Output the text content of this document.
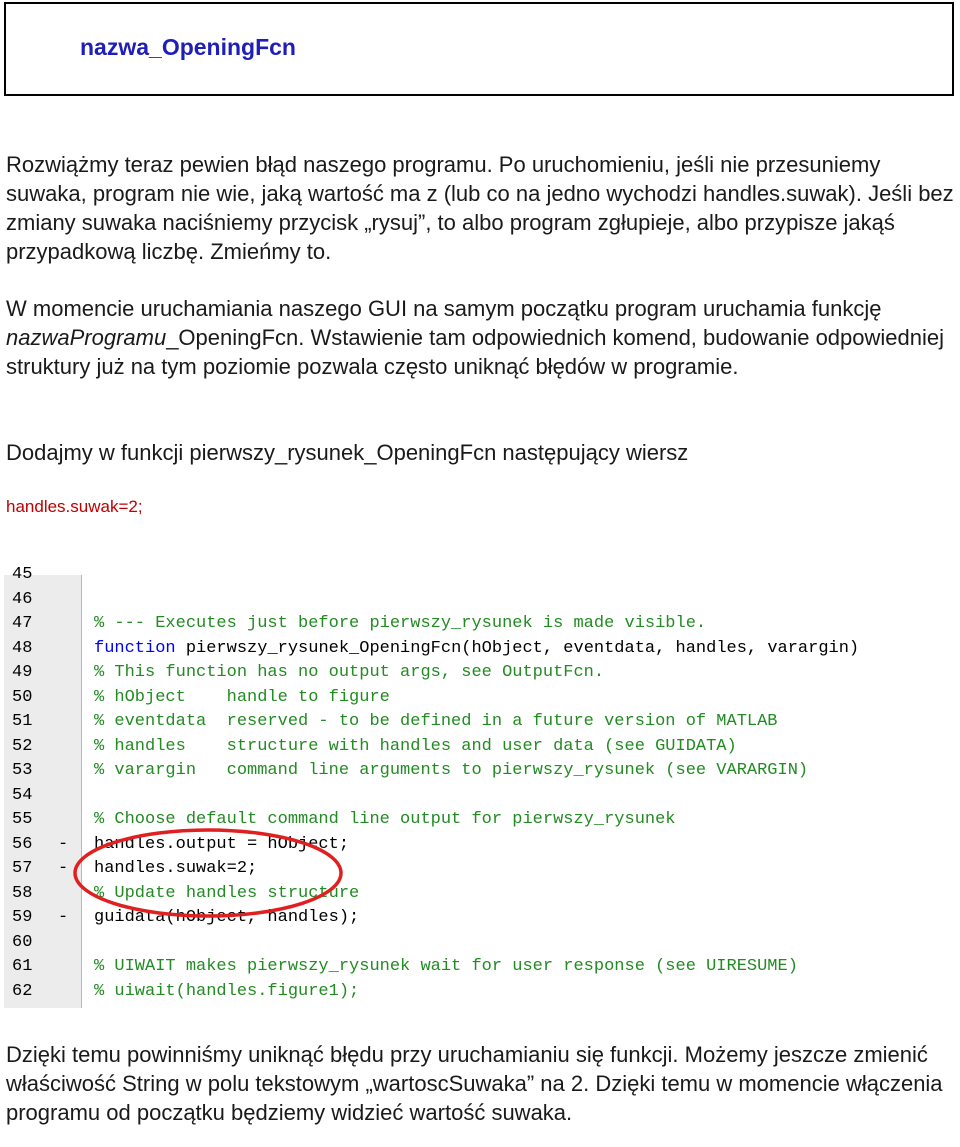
nazwa_OpeningFcn

Rozwiążmy teraz pewien błąd naszego programu. Po uruchomieniu, jeśli nie przesuniemy suwaka, program nie wie, jaką wartość ma z (lub co na jedno wychodzi handles.suwak). Jeśli bez zmiany suwaka naciśniemy przycisk „rysuj”, to albo program zgłupieje, albo przypisze jakąś przypadkową liczbę. Zmieńmy to.

W momencie uruchamiania naszego GUI na samym początku program uruchamia funkcję nazwaProgramu_OpeningFcn. Wstawienie tam odpowiednich komend, budowanie odpowiedniej struktury już na tym poziomie pozwala często uniknąć błędów w programie.

Dodajmy w funkcji pierwszy_rysunek_OpeningFcn następujący wiersz

handles.suwak=2;
45
46
47	% --- Executes just before pierwszy_rysunek is made visible.
48	function pierwszy_rysunek_OpeningFcn(hObject, eventdata, handles, varargin)
49	% This function has no output args, see OutputFcn.
50	% hObject    handle to figure
51	% eventdata  reserved - to be defined in a future version of MATLAB
52	% handles    structure with handles and user data (see GUIDATA)
53	% varargin   command line arguments to pierwszy_rysunek (see VARARGIN)
54
55	% Choose default command line output for pierwszy_rysunek
56	- handles.output = hObject;
57	- handles.suwak=2;
58	% Update handles structure
59	- guidata(hObject, handles);
60
61	% UIWAIT makes pierwszy_rysunek wait for user response (see UIRESUME)
62	% uiwait(handles.figure1);

Dzięki temu powinniśmy uniknąć błędu przy uruchamianiu się funkcji. Możemy jeszcze zmienić właściwość String w polu tekstowym „wartoscSuwaka” na 2. Dzięki temu w momencie włączenia programu od początku będziemy widzieć wartość suwaka.
